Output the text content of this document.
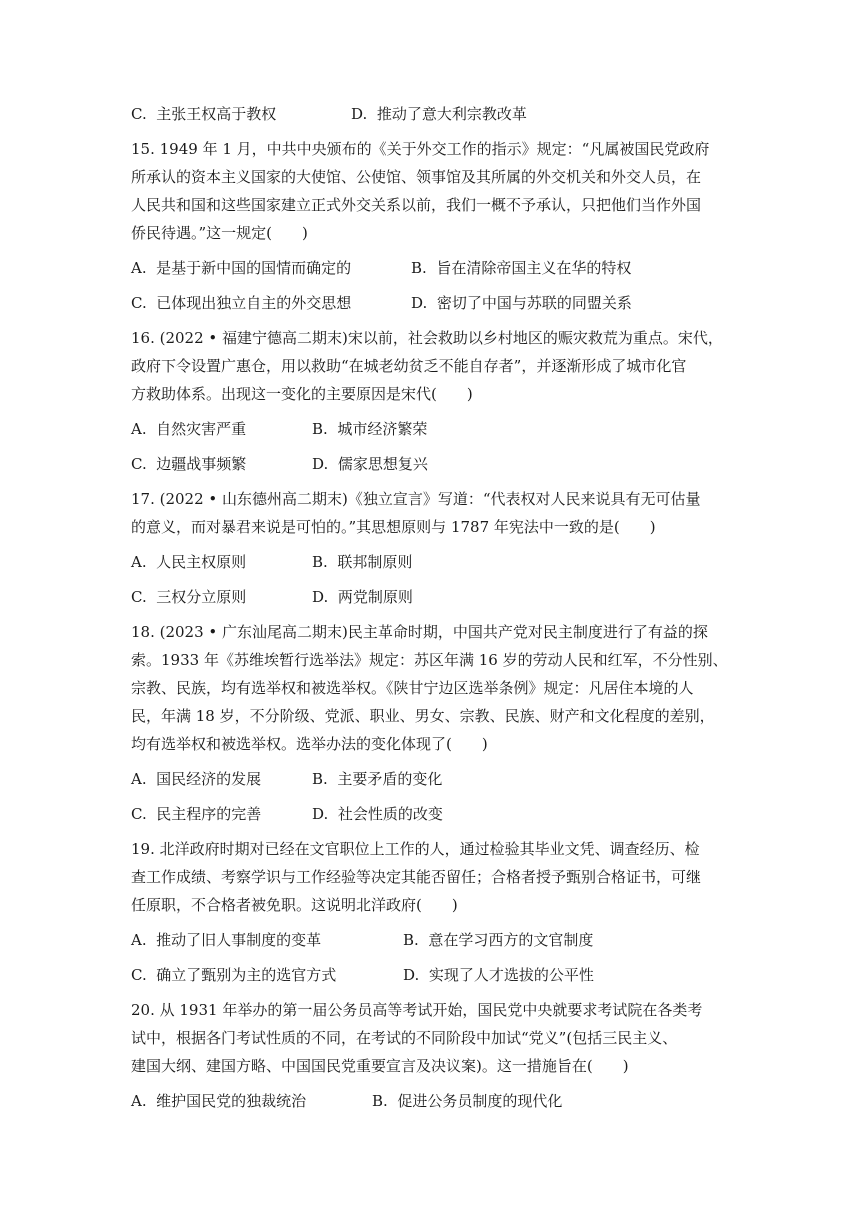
C. 主张王权高于教权	D. 推动了意大利宗教改革
15. 1949 年 1 月，中共中央颁布的《关于外交工作的指示》规定：“凡属被国民党政府
所承认的资本主义国家的大使馆、公使馆、领事馆及其所属的外交机关和外交人员，在
人民共和国和这些国家建立正式外交关系以前，我们一概不予承认，只把他们当作外国
侨民待遇。”这一规定(　　)
A. 是基于新中国的国情而确定的	B. 旨在清除帝国主义在华的特权
C. 已体现出独立自主的外交思想	D. 密切了中国与苏联的同盟关系
16. (2022 • 福建宁德高二期末)宋以前，社会救助以乡村地区的赈灾救荒为重点。宋代，
政府下令设置广惠仓，用以救助“在城老幼贫乏不能自存者”，并逐渐形成了城市化官
方救助体系。出现这一变化的主要原因是宋代(　　)
A. 自然灾害严重	B. 城市经济繁荣
C. 边疆战事频繁	D. 儒家思想复兴
17. (2022 • 山东德州高二期末)《独立宣言》写道：“代表权对人民来说具有无可估量
的意义，而对暴君来说是可怕的。”其思想原则与 1787 年宪法中一致的是(　　)
A. 人民主权原则	B. 联邦制原则
C. 三权分立原则	D. 两党制原则
18. (2023 • 广东汕尾高二期末)民主革命时期，中国共产党对民主制度进行了有益的探
索。1933 年《苏维埃暂行选举法》规定：苏区年满 16 岁的劳动人民和红军，不分性别、
宗教、民族，均有选举权和被选举权。《陕甘宁边区选举条例》规定：凡居住本境的人
民，年满 18 岁，不分阶级、党派、职业、男女、宗教、民族、财产和文化程度的差别，
均有选举权和被选举权。选举办法的变化体现了(　　)
A. 国民经济的发展	B. 主要矛盾的变化
C. 民主程序的完善	D. 社会性质的改变
19. 北洋政府时期对已经在文官职位上工作的人，通过检验其毕业文凭、调查经历、检
查工作成绩、考察学识与工作经验等决定其能否留任；合格者授予甄别合格证书，可继
任原职，不合格者被免职。这说明北洋政府(　　)
A. 推动了旧人事制度的变革	B. 意在学习西方的文官制度
C. 确立了甄别为主的选官方式	D. 实现了人才选拔的公平性
20. 从 1931 年举办的第一届公务员高等考试开始，国民党中央就要求考试院在各类考
试中，根据各门考试性质的不同，在考试的不同阶段中加试“党义”(包括三民主义、
建国大纲、建国方略、中国国民党重要宣言及决议案)。这一措施旨在(　　)
A. 维护国民党的独裁统治	B. 促进公务员制度的现代化
